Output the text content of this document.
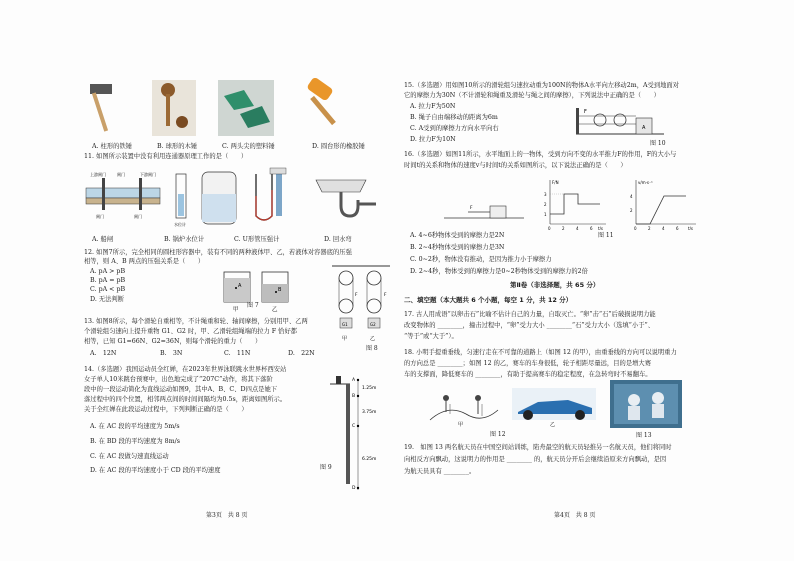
A. 柱形的铁锤	B. 球形的木锤	C. 两头尖的塑料锤	D. 圆台形的橡胶锤
11. 如图所示装置中没有利用连通器原理工作的是（　　）
上游闸门	闸门	下游闸门
闸门	闸门
水位计
A. 船闸	B. 锅炉水位计	C. U形管压强计	D. 回水弯
12. 如图7所示，完全相同的圆柱形容器中，装有不同的两种液体甲、乙，若液体对容器底的压强
相等，则 A、B 两点的压强关系是（　　）
A. pA > pB
B. pA = pB
C. pA < pB
D. 无法判断
A
B
甲	乙
图 7
G1	G2
F	F
甲	乙
13. 如图8所示，每个滑轮自重相等，不计绳重和轮、轴间摩擦，分别用甲、乙两
个滑轮组匀速向上提升重物 G1、G2 时，甲、乙滑轮组绳端的拉力 F 恰好都
相等，已知 G1=66N、G2=36N，则每个滑轮的重力（　　）
A.　12N	B.　3N	C.　11N	D.　22N
图 8
14.（多选题）我国运动员全红婵，在2023年世界泳联跳水世界杯西安站
女子单人10米跳台预赛中，出色地完成了“207C”动作，将其下落阶
段中的一段运动简化为直线运动如图9，其中A、B、C、D四点是她下
落过程中的四个位置，相邻两点间的时间间隔均为0.5s，距离如图所示。
关于全红婵在此段运动过程中，下列判断正确的是（　　）
A. 在 AC 段的平均速度为 5m/s
B. 在 BD 段的平均速度为 8m/s
C. 在 AC 段做匀速直线运动
D. 在 AC 段的平均速度小于 CD 段的平均速度
A
B
C
D
1.25m
3.75m
6.25m
图 9
第3页　共 8 页
15.（多选题）用如图10所示的滑轮组匀速拉动重为100N的物体A水平向左移动2m，A受到地面对
它的摩擦力为30N（不计滑轮和绳重及滑轮与绳之间的摩擦），下列说法中正确的是（　　）
A. 拉力F为50N
B. 绳子自由端移动的距离为6m
C. A受到的摩擦力方向水平向右
D. 拉力F为10N
A
F
图 10
16.（多选题）如图11所示，水平地面上的一物体，受到方向不变的水平推力F的作用，F的大小与
时间t的关系和物体的速度v与时间t的关系如图所示，以下说法正确的是（　　）
F
F/N
t/s
3
2
1
0	2	4	6
v/m·s⁻¹
t/s
4
2
0	2	4	6
图 11
A. 4~6秒物体受到的摩擦力是2N
B. 2~4秒物体受到的摩擦力是3N
C. 0~2秒，物体没有推动，是因为推力小于摩擦力
D. 2~4秒，物体受到的摩擦力是0~2秒物体受到的摩擦力的2倍
第Ⅱ卷（非选择题，共 65 分）
二、填空题（本大题共 6 个小题，每空 1 分，共 12 分）
17. 古人用成语“以卵击石”比喻不估计自己的力量，自取灭亡。“卵”击“石”后破损说明力能
改变物体的 ________，撞击过程中，“卵”受力大小 ________“石”受力大小（选填“小于”、
“等于”或“大于”）。
18. 小明手提重垂线，匀速行走在不可靠的道路上（如图 12 的甲），由重垂线的方向可以说明重力
的方向总是 ________；如图 12 的乙，赛车的车身很低，轮子相距尽量远，目的是增大赛
车的支撑面，降低赛车的 ________，有助于提高赛车的稳定程度，在急转弯时不易翻车。
甲	乙
图 12	图 13
19.　如图 13 两名航天员在中国空间站训练，陷舟最空的航天员轻推另一名航天员，他们将同时
向相反方向飘动，这说明力的作用是 ________ 的，航天员分开后会继续沿原来方向飘动，是因
为航天员具有 ________。
第4页　共 8 页
